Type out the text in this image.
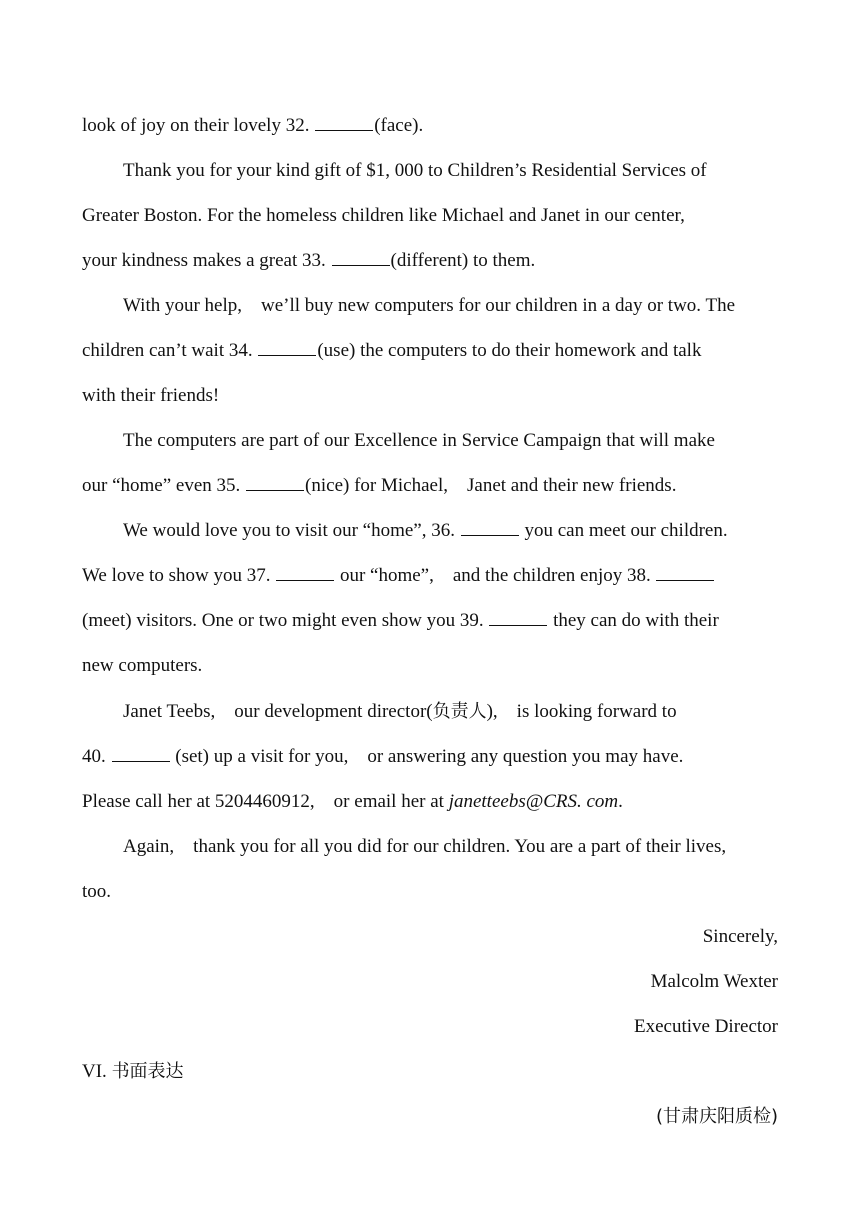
look of joy on their lovely 32.	(face).
Thank you for your kind gift of $1, 000 to Children’s Residential Services of
Greater Boston. For the homeless children like Michael and Janet in our center,
your kindness makes a great 33.	(different) to them.
With your help, we’ll buy new computers for our children in a day or two. The
children can’t wait 34.	(use) the computers to do their homework and talk
with their friends!
The computers are part of our Excellence in Service Campaign that will make
our “home” even 35.	(nice) for Michael, Janet and their new friends.
We would love you to visit our “home”, 36.	you can meet our children.
We love to show you 37.	our “home”, and the children enjoy 38.
(meet) visitors. One or two might even show you 39.	they can do with their
new computers.
Janet Teebs, our development director(负责人), is looking forward to
40.	(set) up a visit for you, or answering any question you may have.
Please call her at 5204460912, or email her at janetteebs@CRS. com.
Again, thank you for all you did for our children. You are a part of their lives,
too.
Sincerely,
Malcolm Wexter
Executive Director
VI. 书面表达
(甘肃庆阳质检)
